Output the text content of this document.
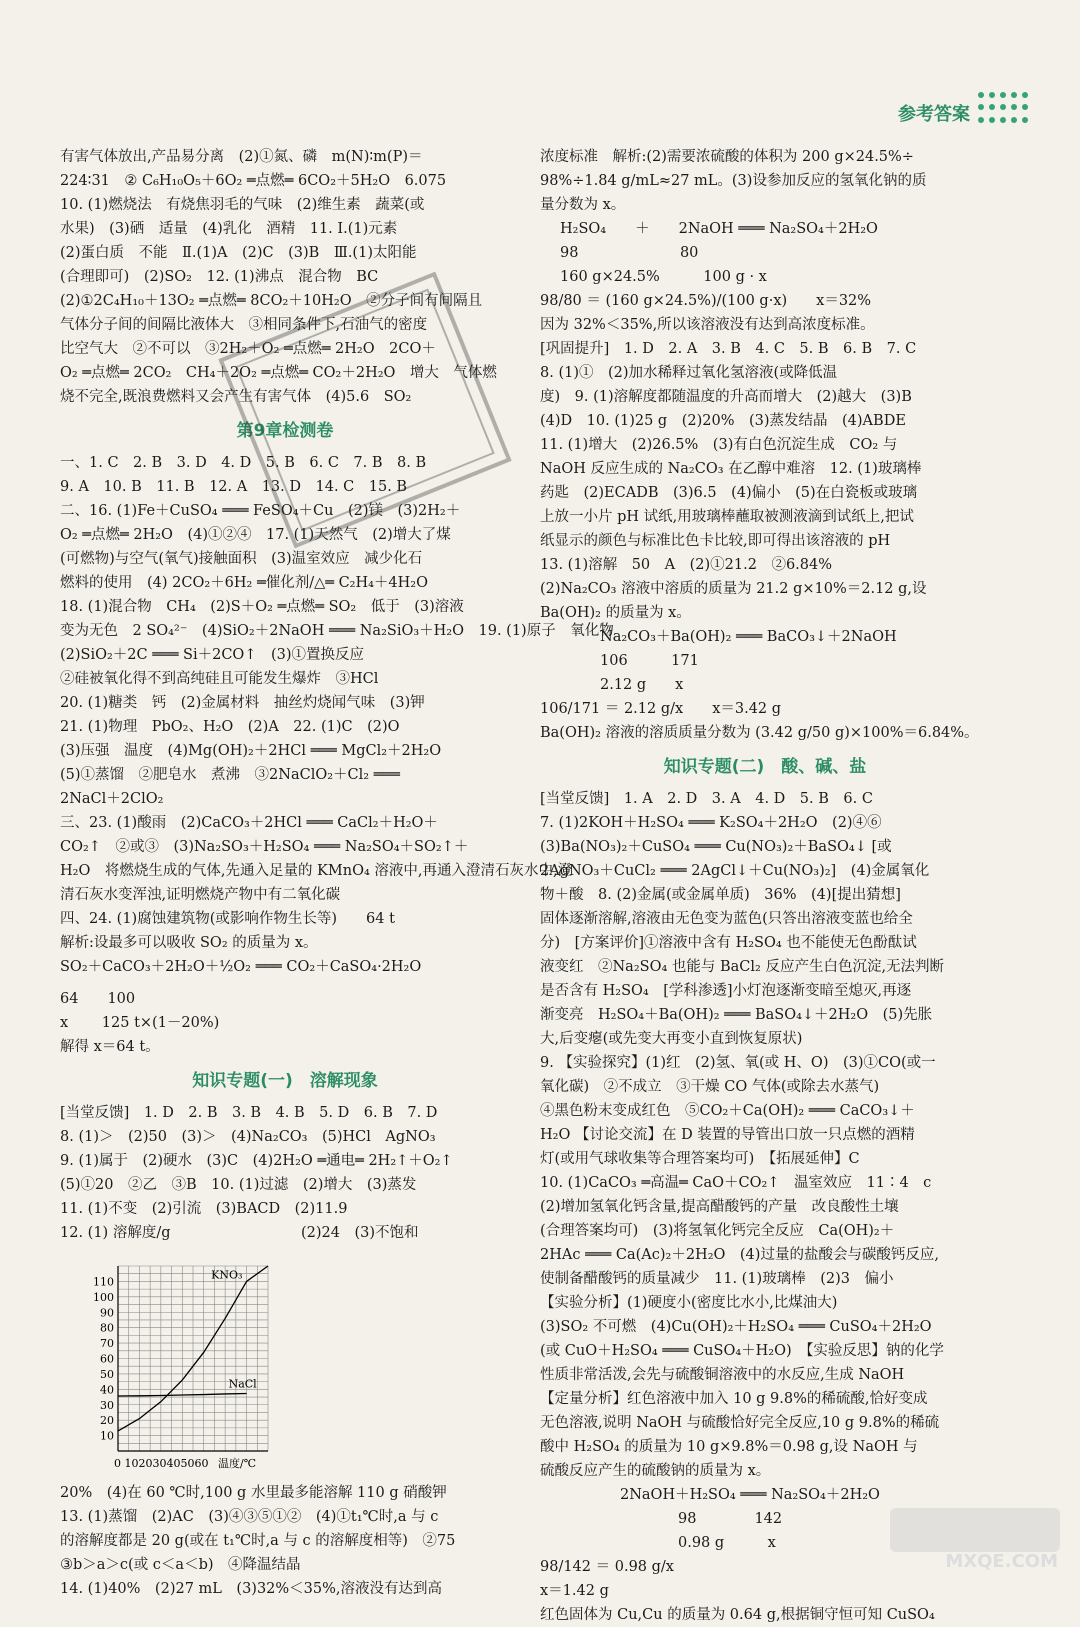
参考答案
有害气体放出,产品易分离　(2)①氮、磷　m(N)∶m(P)＝
224∶31　② C₆H₁₀O₅＋6O₂ ═点燃═ 6CO₂＋5H₂O　6.075
10. (1)燃烧法　有烧焦羽毛的气味　(2)维生素　蔬菜(或
水果)　(3)硒　适量　(4)乳化　酒精　11. Ⅰ.(1)元素
(2)蛋白质　不能　Ⅱ.(1)A　(2)C　(3)B　Ⅲ.(1)太阳能
(合理即可)　(2)SO₂　12. (1)沸点　混合物　BC
(2)①2C₄H₁₀＋13O₂ ═点燃═ 8CO₂＋10H₂O　②分子间有间隔且
气体分子间的间隔比液体大　③相同条件下,石油气的密度
比空气大　②不可以　③2H₂＋O₂ ═点燃═ 2H₂O　2CO＋
O₂ ═点燃═ 2CO₂　CH₄＋2O₂ ═点燃═ CO₂＋2H₂O　增大　气体燃
烧不完全,既浪费燃料又会产生有害气体　(4)5.6　SO₂
第9章检测卷
一、1. C　2. B　3. D　4. D　5. B　6. C　7. B　8. B
9. A　10. B　11. B　12. A　13. D　14. C　15. B
二、16. (1)Fe＋CuSO₄ ═══ FeSO₄＋Cu　(2)镁　(3)2H₂＋
O₂ ═点燃═ 2H₂O　(4)①②④　17. (1)天然气　(2)增大了煤
(可燃物)与空气(氧气)接触面积　(3)温室效应　减少化石
燃料的使用　(4) 2CO₂＋6H₂ ═催化剂/△═ C₂H₄＋4H₂O
18. (1)混合物　CH₄　(2)S＋O₂ ═点燃═ SO₂　低于　(3)溶液
变为无色　2 SO₄²⁻　(4)SiO₂＋2NaOH ═══ Na₂SiO₃＋H₂O　19. (1)原子　氧化物
(2)SiO₂＋2C ═══ Si＋2CO↑　(3)①置换反应
②硅被氧化得不到高纯硅且可能发生爆炸　③HCl
20. (1)糖类　钙　(2)金属材料　抽丝灼烧闻气味　(3)钾
21. (1)物理　PbO₂、H₂O　(2)A　22. (1)C　(2)O
(3)压强　温度　(4)Mg(OH)₂＋2HCl ═══ MgCl₂＋2H₂O
(5)①蒸馏　②肥皂水　煮沸　③2NaClO₂＋Cl₂ ═══
2NaCl＋2ClO₂
三、23. (1)酸雨　(2)CaCO₃＋2HCl ═══ CaCl₂＋H₂O＋
CO₂↑　②或③　(3)Na₂SO₃＋H₂SO₄ ═══ Na₂SO₄＋SO₂↑＋
H₂O　将燃烧生成的气体,先通入足量的 KMnO₄ 溶液中,再通入澄清石灰水中,澄
清石灰水变浑浊,证明燃烧产物中有二氧化碳
四、24. (1)腐蚀建筑物(或影响作物生长等)　　64 t
解析:设最多可以吸收 SO₂ 的质量为 x。
SO₂＋CaCO₃＋2H₂O＋½O₂ ═══ CO₂＋CaSO₄·2H₂O
64　　100
x　　 125 t×(1－20%)
解得 x＝64 t。
知识专题(一)　溶解现象
[当堂反馈]　1. D　2. B　3. B　4. B　5. D　6. B　7. D
8. (1)＞　(2)50　(3)＞　(4)Na₂CO₃　(5)HCl　AgNO₃
9. (1)属于　(2)硬水　(3)C　(4)2H₂O ═通电═ 2H₂↑＋O₂↑
(5)①20　②乙　③B　10. (1)过滤　(2)增大　(3)蒸发
11. (1)不变　(2)引流　(3)BACD　(2)11.9
12. (1) 溶解度/g　　　　　　　　　(2)24　(3)不饱和
10
20
30
40
50
60
70
80
90
100
110
0 102030405060 温度/℃
KNO₃
NaCl
20%　(4)在 60 ℃时,100 g 水里最多能溶解 110 g 硝酸钾
13. (1)蒸馏　(2)AC　(3)④③⑤①②　(4)①t₁℃时,a 与 c
的溶解度都是 20 g(或在 t₁℃时,a 与 c 的溶解度相等)　②75
③b＞a＞c(或 c＜a＜b)　④降温结晶
14. (1)40%　(2)27 mL　(3)32%＜35%,溶液没有达到高
浓度标准　解析:(2)需要浓硫酸的体积为 200 g×24.5%÷
98%÷1.84 g/mL≈27 mL。(3)设参加反应的氢氧化钠的质
量分数为 x。
H₂SO₄　　＋　　2NaOH ═══ Na₂SO₄＋2H₂O
98　　　　　　　80
160 g×24.5%　　　100 g · x
98/80 ＝ (160 g×24.5%)/(100 g·x)　　x＝32%
因为 32%＜35%,所以该溶液没有达到高浓度标准。
[巩固提升]　1. D　2. A　3. B　4. C　5. B　6. B　7. C
8. (1)①　(2)加水稀释过氧化氢溶液(或降低温
度)　9. (1)溶解度都随温度的升高而增大　(2)越大　(3)B
(4)D　10. (1)25 g　(2)20%　(3)蒸发结晶　(4)ABDE
11. (1)增大　(2)26.5%　(3)有白色沉淀生成　CO₂ 与
NaOH 反应生成的 Na₂CO₃ 在乙醇中难溶　12. (1)玻璃棒
药匙　(2)ECADB　(3)6.5　(4)偏小　(5)在白瓷板或玻璃
上放一小片 pH 试纸,用玻璃棒蘸取被测液滴到试纸上,把试
纸显示的颜色与标准比色卡比较,即可得出该溶液的 pH
13. (1)溶解　50　A　(2)①21.2　②6.84%
(2)Na₂CO₃ 溶液中溶质的质量为 21.2 g×10%＝2.12 g,设
Ba(OH)₂ 的质量为 x。
Na₂CO₃＋Ba(OH)₂ ═══ BaCO₃↓＋2NaOH
106　　　171
2.12 g　　x
106/171 ＝ 2.12 g/x　　x＝3.42 g
Ba(OH)₂ 溶液的溶质质量分数为 (3.42 g/50 g)×100%＝6.84%。
知识专题(二)　酸、碱、盐
[当堂反馈]　1. A　2. D　3. A　4. D　5. B　6. C
7. (1)2KOH＋H₂SO₄ ═══ K₂SO₄＋2H₂O　(2)④⑥
(3)Ba(NO₃)₂＋CuSO₄ ═══ Cu(NO₃)₂＋BaSO₄↓ [或
2AgNO₃＋CuCl₂ ═══ 2AgCl↓＋Cu(NO₃)₂]　(4)金属氧化
物＋酸　8. (2)金属(或金属单质)　36%　(4)[提出猜想]
固体逐渐溶解,溶液由无色变为蓝色(只答出溶液变蓝也给全
分)　[方案评价]①溶液中含有 H₂SO₄ 也不能使无色酚酞试
液变红　②Na₂SO₄ 也能与 BaCl₂ 反应产生白色沉淀,无法判断
是否含有 H₂SO₄　[学科渗透]小灯泡逐渐变暗至熄灭,再逐
渐变亮　H₂SO₄＋Ba(OH)₂ ═══ BaSO₄↓＋2H₂O　(5)先胀
大,后变瘪(或先变大再变小直到恢复原状)
9. 【实验探究】(1)红　(2)氢、氧(或 H、O)　(3)①CO(或一
氧化碳)　②不成立　③干燥 CO 气体(或除去水蒸气)
④黑色粉末变成红色　⑤CO₂＋Ca(OH)₂ ═══ CaCO₃↓＋
H₂O 【讨论交流】在 D 装置的导管出口放一只点燃的酒精
灯(或用气球收集等合理答案均可)　【拓展延伸】C
10. (1)CaCO₃ ═高温═ CaO＋CO₂↑　温室效应　11∶4　c
(2)增加氢氧化钙含量,提高醋酸钙的产量　改良酸性土壤
(合理答案均可)　(3)将氢氧化钙完全反应　Ca(OH)₂＋
2HAc ═══ Ca(Ac)₂＋2H₂O　(4)过量的盐酸会与碳酸钙反应,
使制备醋酸钙的质量减少　11. (1)玻璃棒　(2)3　偏小
【实验分析】(1)硬度小(密度比水小,比煤油大)
(3)SO₂ 不可燃　(4)Cu(OH)₂＋H₂SO₄ ═══ CuSO₄＋2H₂O
(或 CuO＋H₂SO₄ ═══ CuSO₄＋H₂O)　【实验反思】钠的化学
性质非常活泼,会先与硫酸铜溶液中的水反应,生成 NaOH
【定量分析】红色溶液中加入 10 g 9.8%的稀硫酸,恰好变成
无色溶液,说明 NaOH 与硫酸恰好完全反应,10 g 9.8%的稀硫
酸中 H₂SO₄ 的质量为 10 g×9.8%＝0.98 g,设 NaOH 与
硫酸反应产生的硫酸钠的质量为 x。
2NaOH＋H₂SO₄ ═══ Na₂SO₄＋2H₂O
　　　　98　　　　142
　　　　0.98 g　　　x
98/142 ＝ 0.98 g/x
x＝1.42 g
红色固体为 Cu,Cu 的质量为 0.64 g,根据铜守恒可知 CuSO₄
MXQE.COM
